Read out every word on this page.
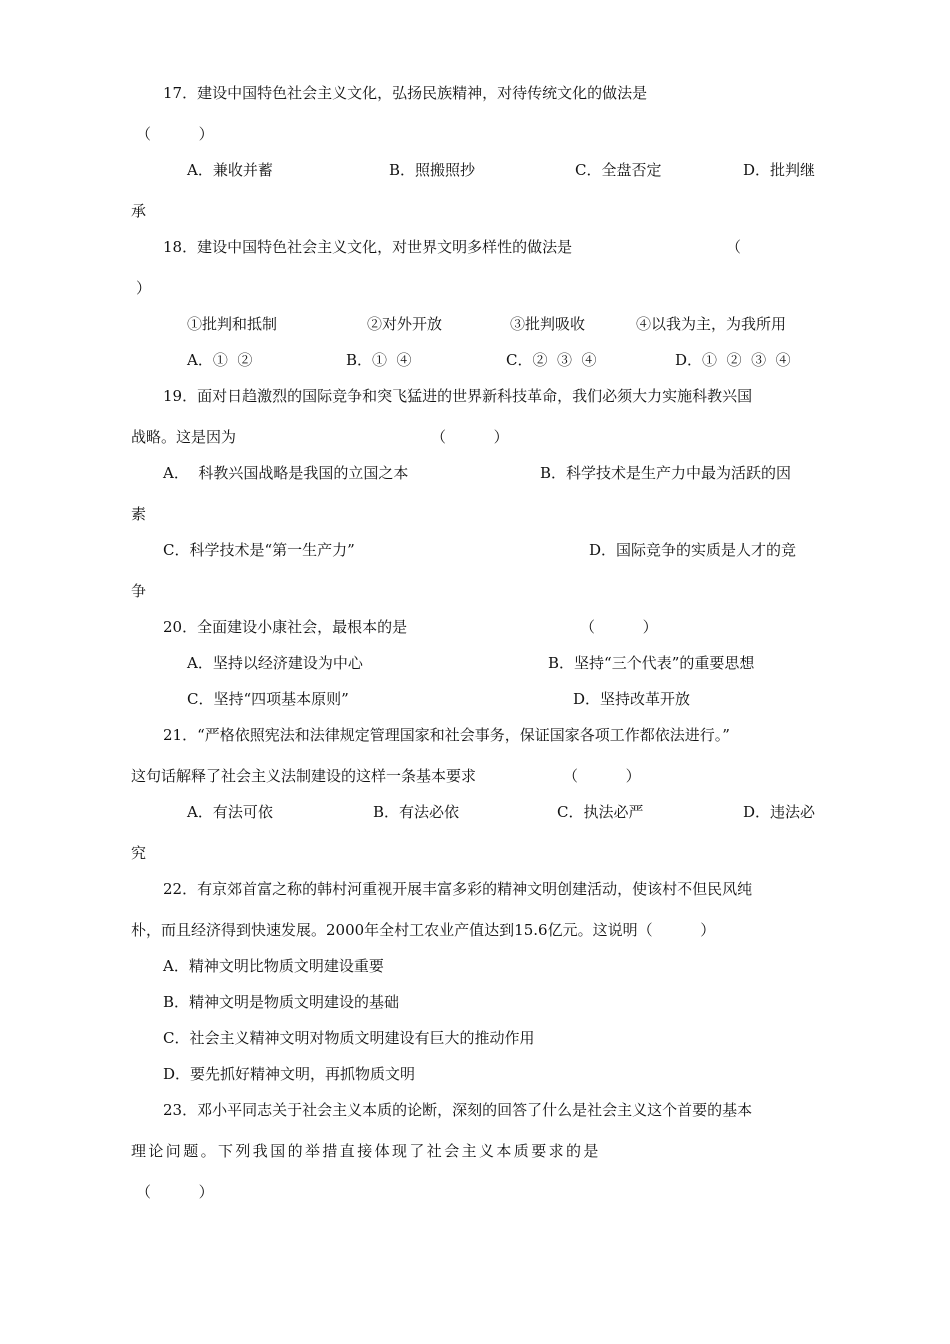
17．建设中国特色社会主义文化，弘扬民族精神，对待传统文化的做法是
（          ）
A．兼收并蓄	B．照搬照抄	C．全盘否定	D．批判继
承
18．建设中国特色社会主义文化，对世界文明多样性的做法是	（
）
①批判和抵制	②对外开放	③批判吸收	④以我为主，为我所用
A．①  ②	B．①  ④	C．②  ③  ④	D．①  ②  ③  ④
19．面对日趋激烈的国际竞争和突飞猛进的世界新科技革命，我们必须大力实施科教兴国
战略。这是因为	（          ）
A．  科教兴国战略是我国的立国之本	B．科学技术是生产力中最为活跃的因
素
C．科学技术是“第一生产力”	D．国际竞争的实质是人才的竞
争
20．全面建设小康社会，最根本的是	（          ）
A．坚持以经济建设为中心	B．坚持“三个代表”的重要思想
C．坚持“四项基本原则”	D．坚持改革开放
21．“严格依照宪法和法律规定管理国家和社会事务，保证国家各项工作都依法进行。”
这句话解释了社会主义法制建设的这样一条基本要求	（          ）
A．有法可依	B．有法必依	C．执法必严	D．违法必
究
22．有京郊首富之称的韩村河重视开展丰富多彩的精神文明创建活动，使该村不但民风纯
朴，而且经济得到快速发展。2000年全村工农业产值达到15.6亿元。这说明（          ）
A．精神文明比物质文明建设重要
B．精神文明是物质文明建设的基础
C．社会主义精神文明对物质文明建设有巨大的推动作用
D．要先抓好精神文明，再抓物质文明
23．邓小平同志关于社会主义本质的论断，深刻的回答了什么是社会主义这个首要的基本
理论问题。下列我国的举措直接体现了社会主义本质要求的是
（          ）
